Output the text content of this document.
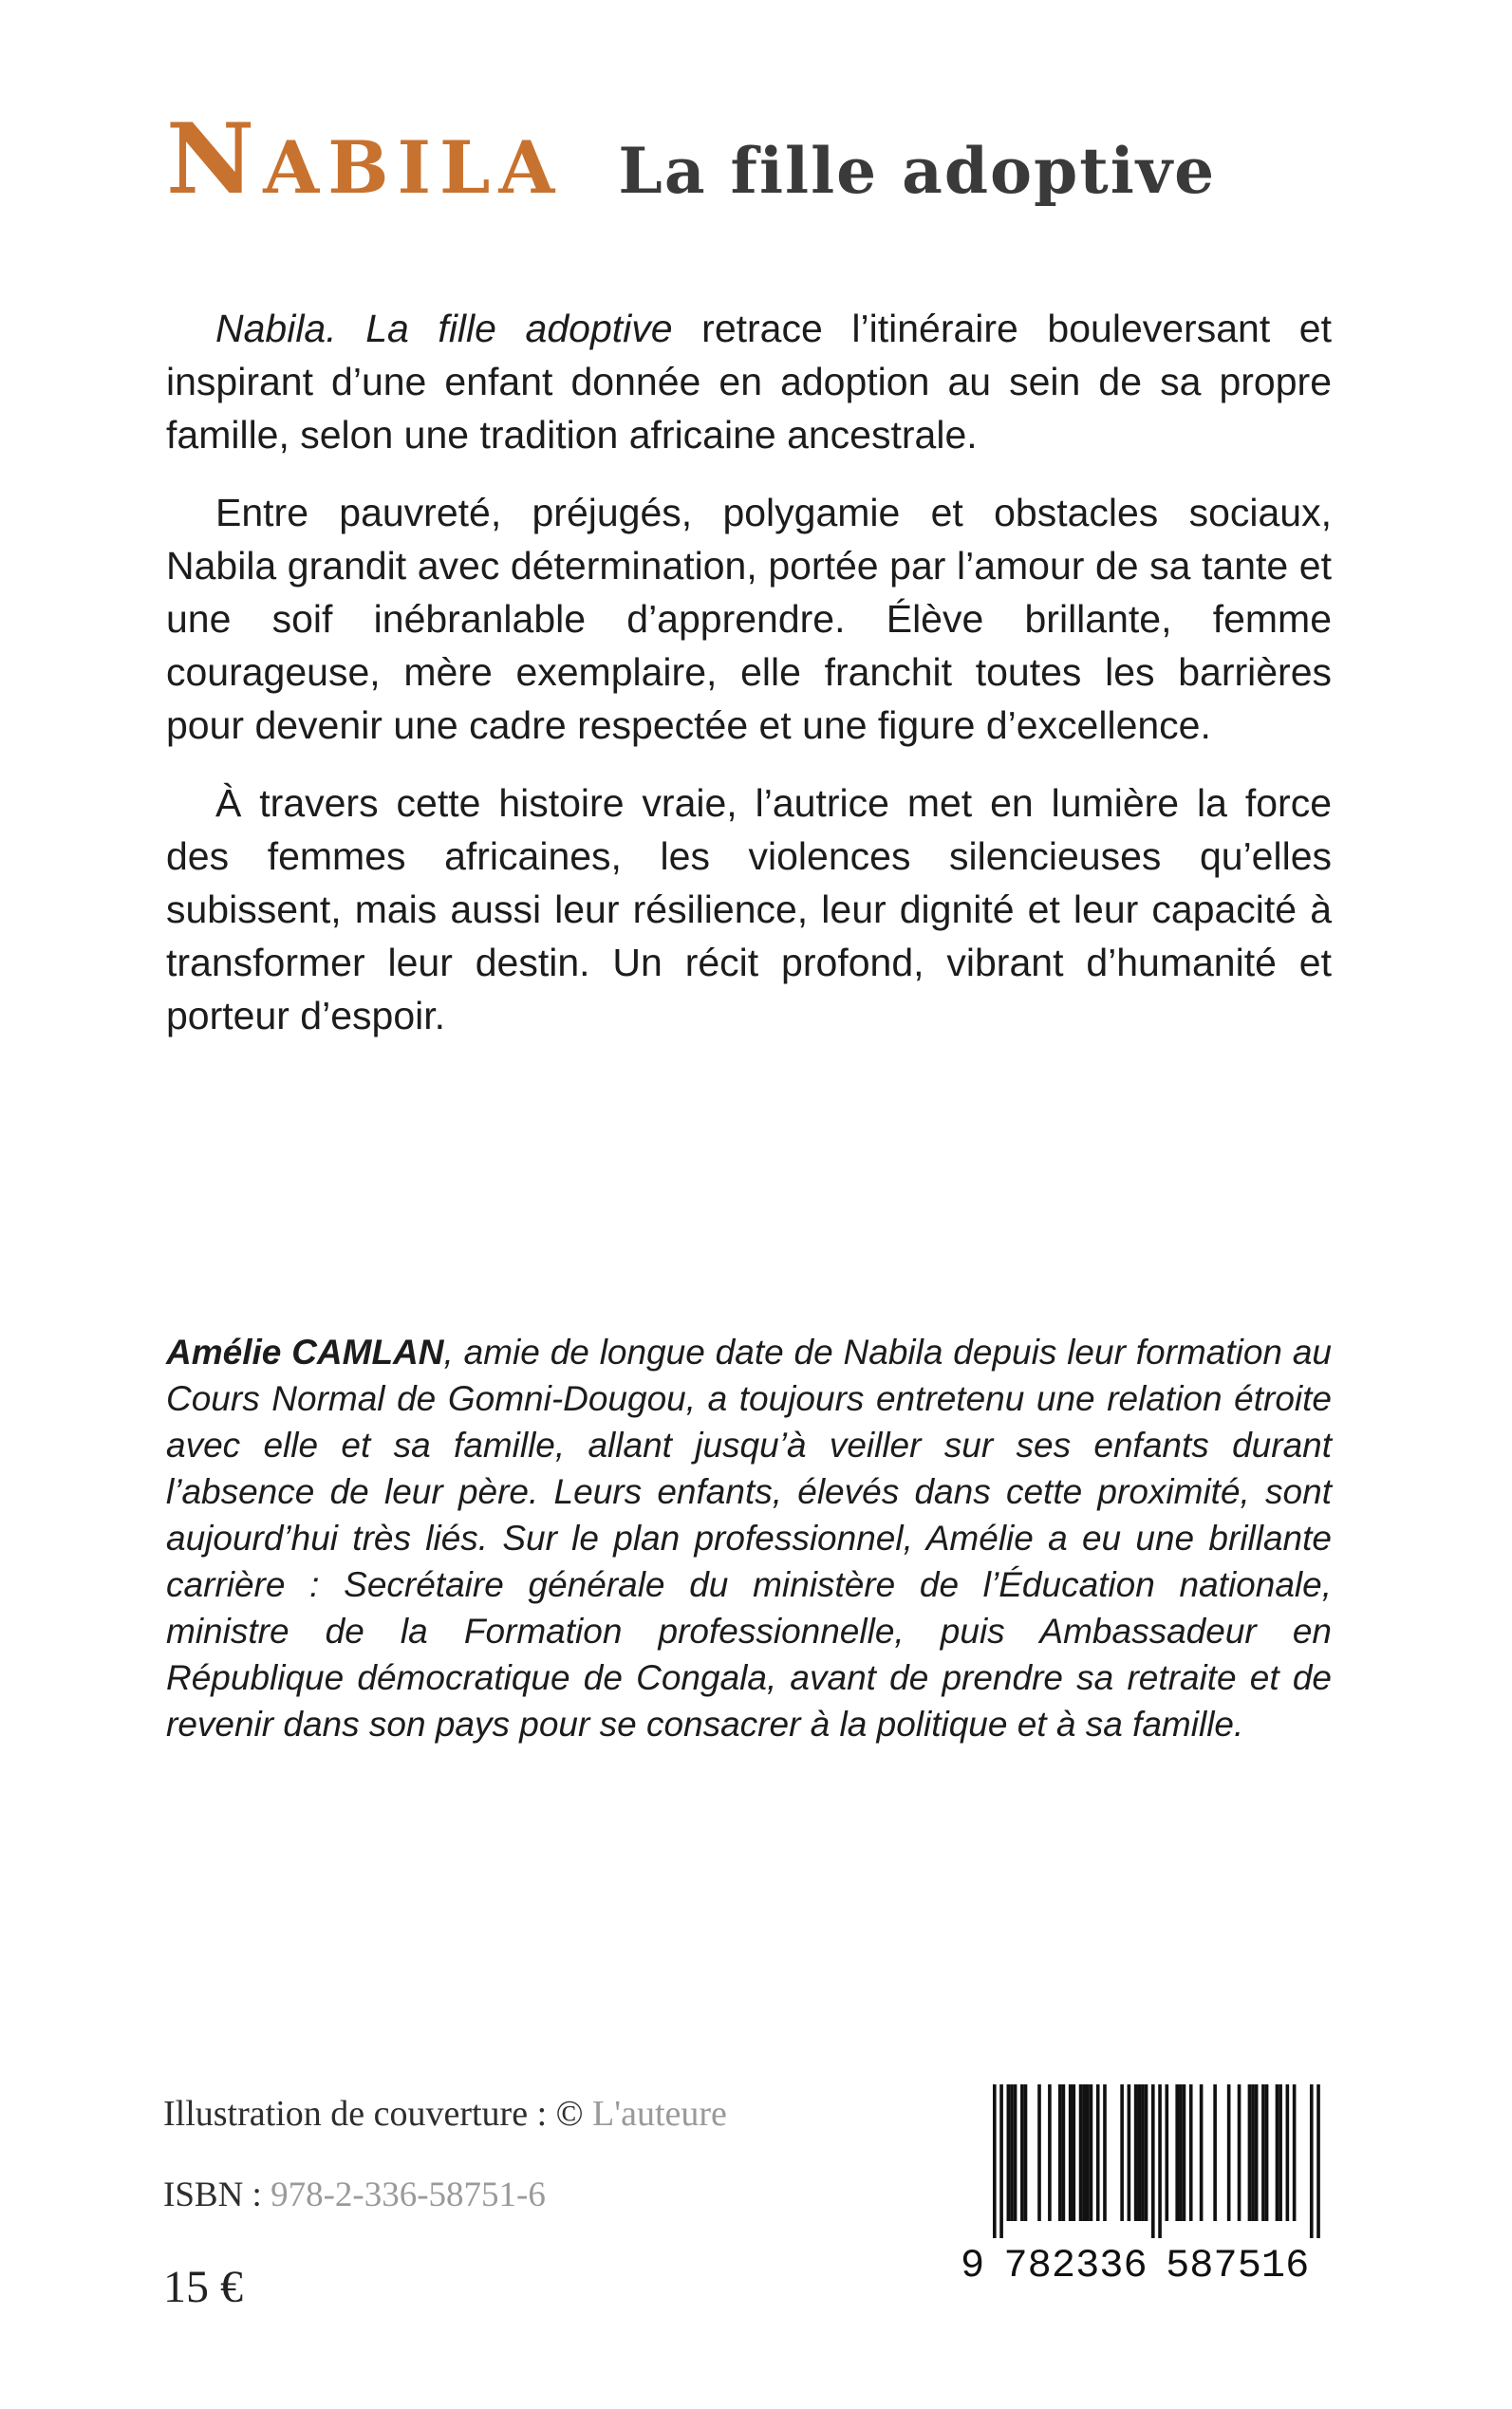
NABILA La fille adoptive

Nabila. La fille adoptive retrace l’itinéraire bouleversant et inspirant d’une enfant donnée en adoption au sein de sa propre famille, selon une tradition africaine ancestrale.

Entre pauvreté, préjugés, polygamie et obstacles sociaux, Nabila grandit avec détermination, portée par l’amour de sa tante et une soif inébranlable d’apprendre. Élève brillante, femme courageuse, mère exemplaire, elle franchit toutes les barrières pour devenir une cadre respectée et une figure d’excellence.

À travers cette histoire vraie, l’autrice met en lumière la force des femmes africaines, les violences silencieuses qu’elles subissent, mais aussi leur résilience, leur dignité et leur capacité à transformer leur destin. Un récit profond, vibrant d’humanité et porteur d’espoir.

Amélie CAMLAN, amie de longue date de Nabila depuis leur formation au Cours Normal de Gomni-Dougou, a toujours entretenu une relation étroite avec elle et sa famille, allant jusqu’à veiller sur ses enfants durant l’absence de leur père. Leurs enfants, élevés dans cette proximité, sont aujourd’hui très liés. Sur le plan professionnel, Amélie a eu une brillante carrière : Secrétaire générale du ministère de l’Éducation nationale, ministre de la Formation professionnelle, puis Ambassadeur en République démocratique de Congala, avant de prendre sa retraite et de revenir dans son pays pour se consacrer à la politique et à sa famille.

Illustration de couverture : © L'auteure
ISBN : 978-2-336-58751-6
15 €	9 782336 587516
